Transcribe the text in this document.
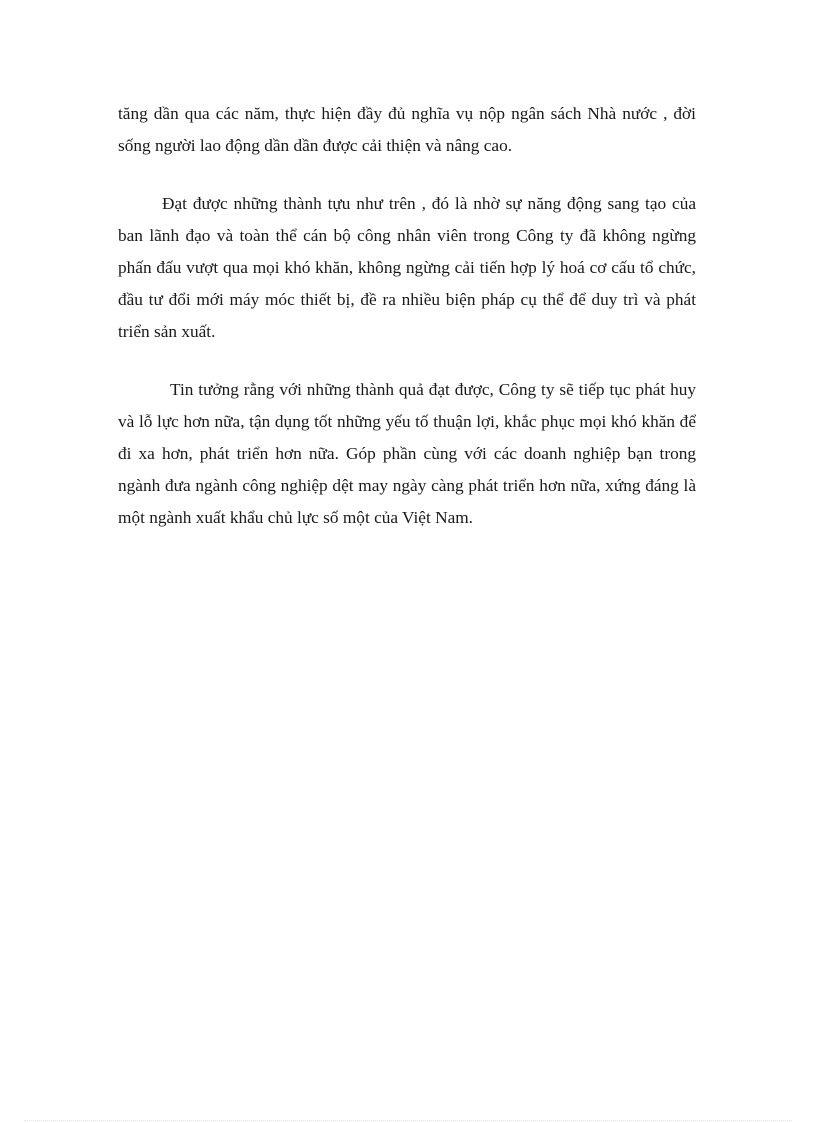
tăng dần qua các năm, thực hiện đầy đủ nghĩa vụ nộp ngân sách Nhà nước , đời sống người lao động dần dần được cải thiện và nâng cao.

Đạt được những thành tựu như trên , đó là nhờ sự năng động sang tạo của ban lãnh đạo và toàn thể cán bộ công nhân viên trong Công ty đã không ngừng phấn đấu vượt qua mọi khó khăn, không ngừng cải tiến hợp lý hoá cơ cấu tổ chức, đầu tư đổi mới máy móc thiết bị, đề ra nhiều biện pháp cụ thể để duy trì và phát triển sản xuất.

Tin tưởng rằng với những thành quả đạt được, Công ty sẽ tiếp tục phát huy và lỗ lực hơn nữa, tận dụng tốt những yếu tố thuận lợi, khắc phục mọi khó khăn để đi xa hơn, phát triển hơn nữa. Góp phần cùng với các doanh nghiệp bạn trong ngành đưa ngành công nghiệp dệt may ngày càng phát triển hơn nữa, xứng đáng là một ngành xuất khẩu chủ lực số một của Việt Nam.
